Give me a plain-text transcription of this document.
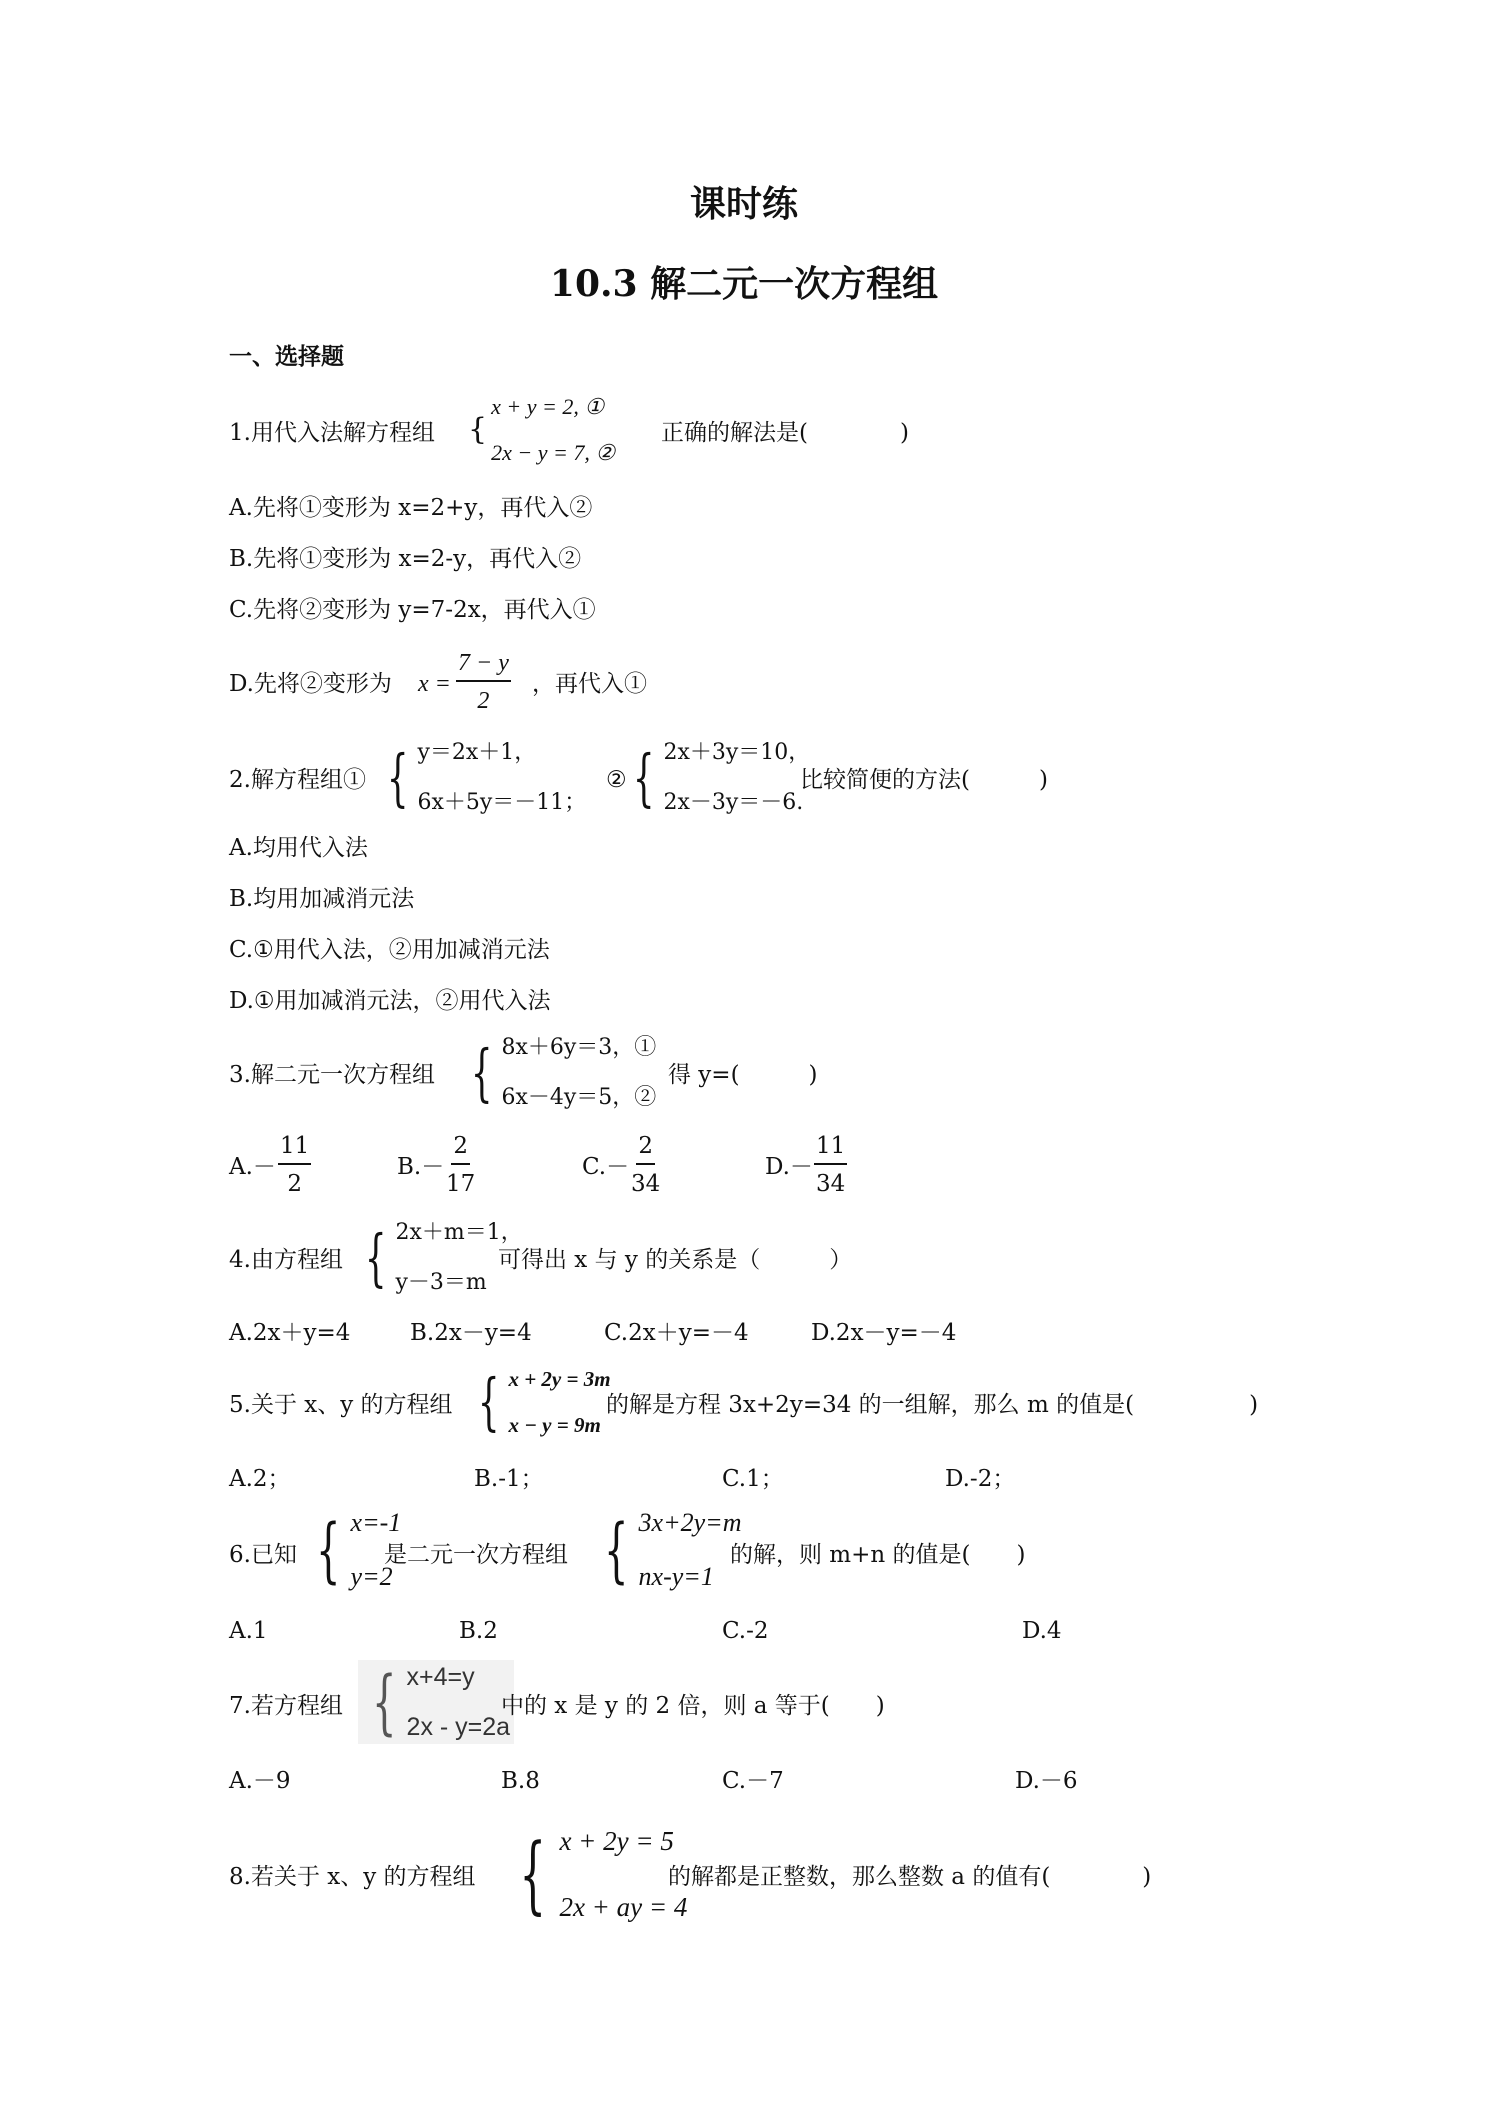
课时练
10.3 解二元一次方程组
一、选择题
1.用代入法解方程组 {
x + y = 2, ①
2x − y = 7, ②
正确的解法是(　　　　)
A.先将①变形为 x=2+y，再代入②
B.先将①变形为 x=2-y，再代入②
C.先将②变形为 y=7-2x，再代入①
D.先将②变形为 $x = \frac{7 - y}{2}$ ，再代入①
2.解方程组① { y＝2x＋1，
6x＋5y＝－11；
② { 2x＋3y＝10，
2x－3y＝－6.
比较简便的方法(　　　)
A.均用代入法
B.均用加减消元法
C.①用代入法，②用加减消元法
D.①用加减消元法，②用代入法
3.解二元一次方程组 { 8x＋6y＝3，①
6x－4y＝5，②
得 y=(　　　)
$A.- \frac{11}{2}$	$B.- \frac{2}{17}$	$C.- \frac{2}{34}$	$D.- \frac{11}{34}$
4.由方程组 { 2x＋m＝1，
y－3＝m
可得出 x 与 y 的关系是（　　　）
A.2x＋y=4	B.2x－y=4	C.2x＋y=－4	D.2x－y=－4
5.关于 x、y 的方程组 { x + 2y = 3m
x − y = 9m
的解是方程 3x+2y=34 的一组解，那么 m 的值是(　　　　　)
A.2；	B.-1；	C.1；	D.-2；
6.已知 { x=-1
y=2
是二元一次方程组 { 3x+2y=m
nx-y=1
的解，则 m+n 的值是(　　)
A.1	B.2	C.-2	D.4
7.若方程组 { x+4=y
2x - y=2a
中的 x 是 y 的 2 倍，则 a 等于(　　)
A.－9	B.8	C.－7	D.－6
8.若关于 x、y 的方程组 { x + 2y = 5
2x + ay = 4
的解都是正整数，那么整数 a 的值有(　　　　)
